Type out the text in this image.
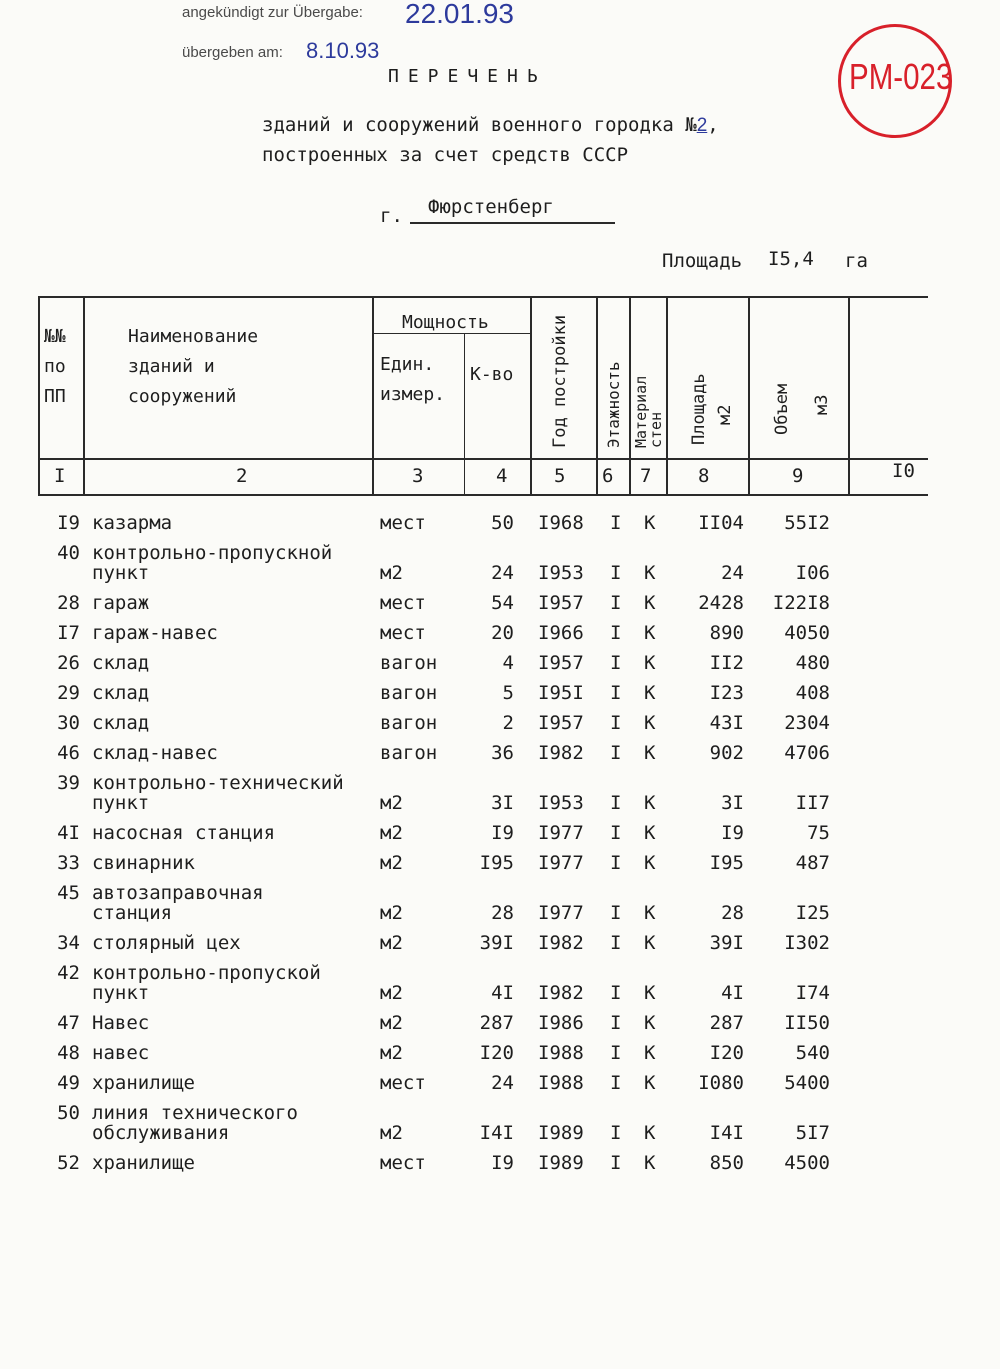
angekündigt zur Übergabe: 22.01.93
übergeben am: 8.10.93
PM-023
ПЕРЕЧЕНЬ
зданий и сооружений военного городка №2,
построенных за счет средств СССР
г. Фюрстенберг
Площадь I5,4 га
№№
по
ПП
Наименование
зданий и
сооружений
Мощность
Един.
измер.
К-во Год постройки Этажность Материал
стен Площадь м2	Объем	м3
I	2	3	4 5 6 7 8	9	I0
I9 казарма	мест	50 I968 I К	II04	55I2
40 контрольно-пропускной
пункт	м2	24 I953 I К	24	I06
28 гараж	мест	54 I957 I К	2428	I22I8
I7 гараж-навес	мест	20 I966 I К	890	4050
26 склад	вагон	4 I957 I К	II2	480
29 склад	вагон	5 I95I I К	I23	408
30 склад	вагон	2 I957 I К	43I	2304
46 склад-навес	вагон	36 I982 I К	902	4706
39 контрольно-технический
пункт	м2	3I I953 I К	3I	II7
4I насосная станция	м2	I9 I977 I К	I9	75
33 свинарник	м2	I95 I977 I К	I95	487
45 автозаправочная
станция	м2	28 I977 I К	28	I25
34 столярный цех	м2	39I I982 I К	39I	I302
42 контрольно-пропуской
пункт	м2	4I I982 I К	4I	I74
47 Навес	м2	287 I986 I К	287	II50
48 навес	м2	I20 I988 I К	I20	540
49 хранилище	мест	24 I988 I К	I080	5400
50 линия технического
обслуживания	м2	I4I I989 I К	I4I	5I7
52 хранилище	мест	I9 I989 I К	850	4500
